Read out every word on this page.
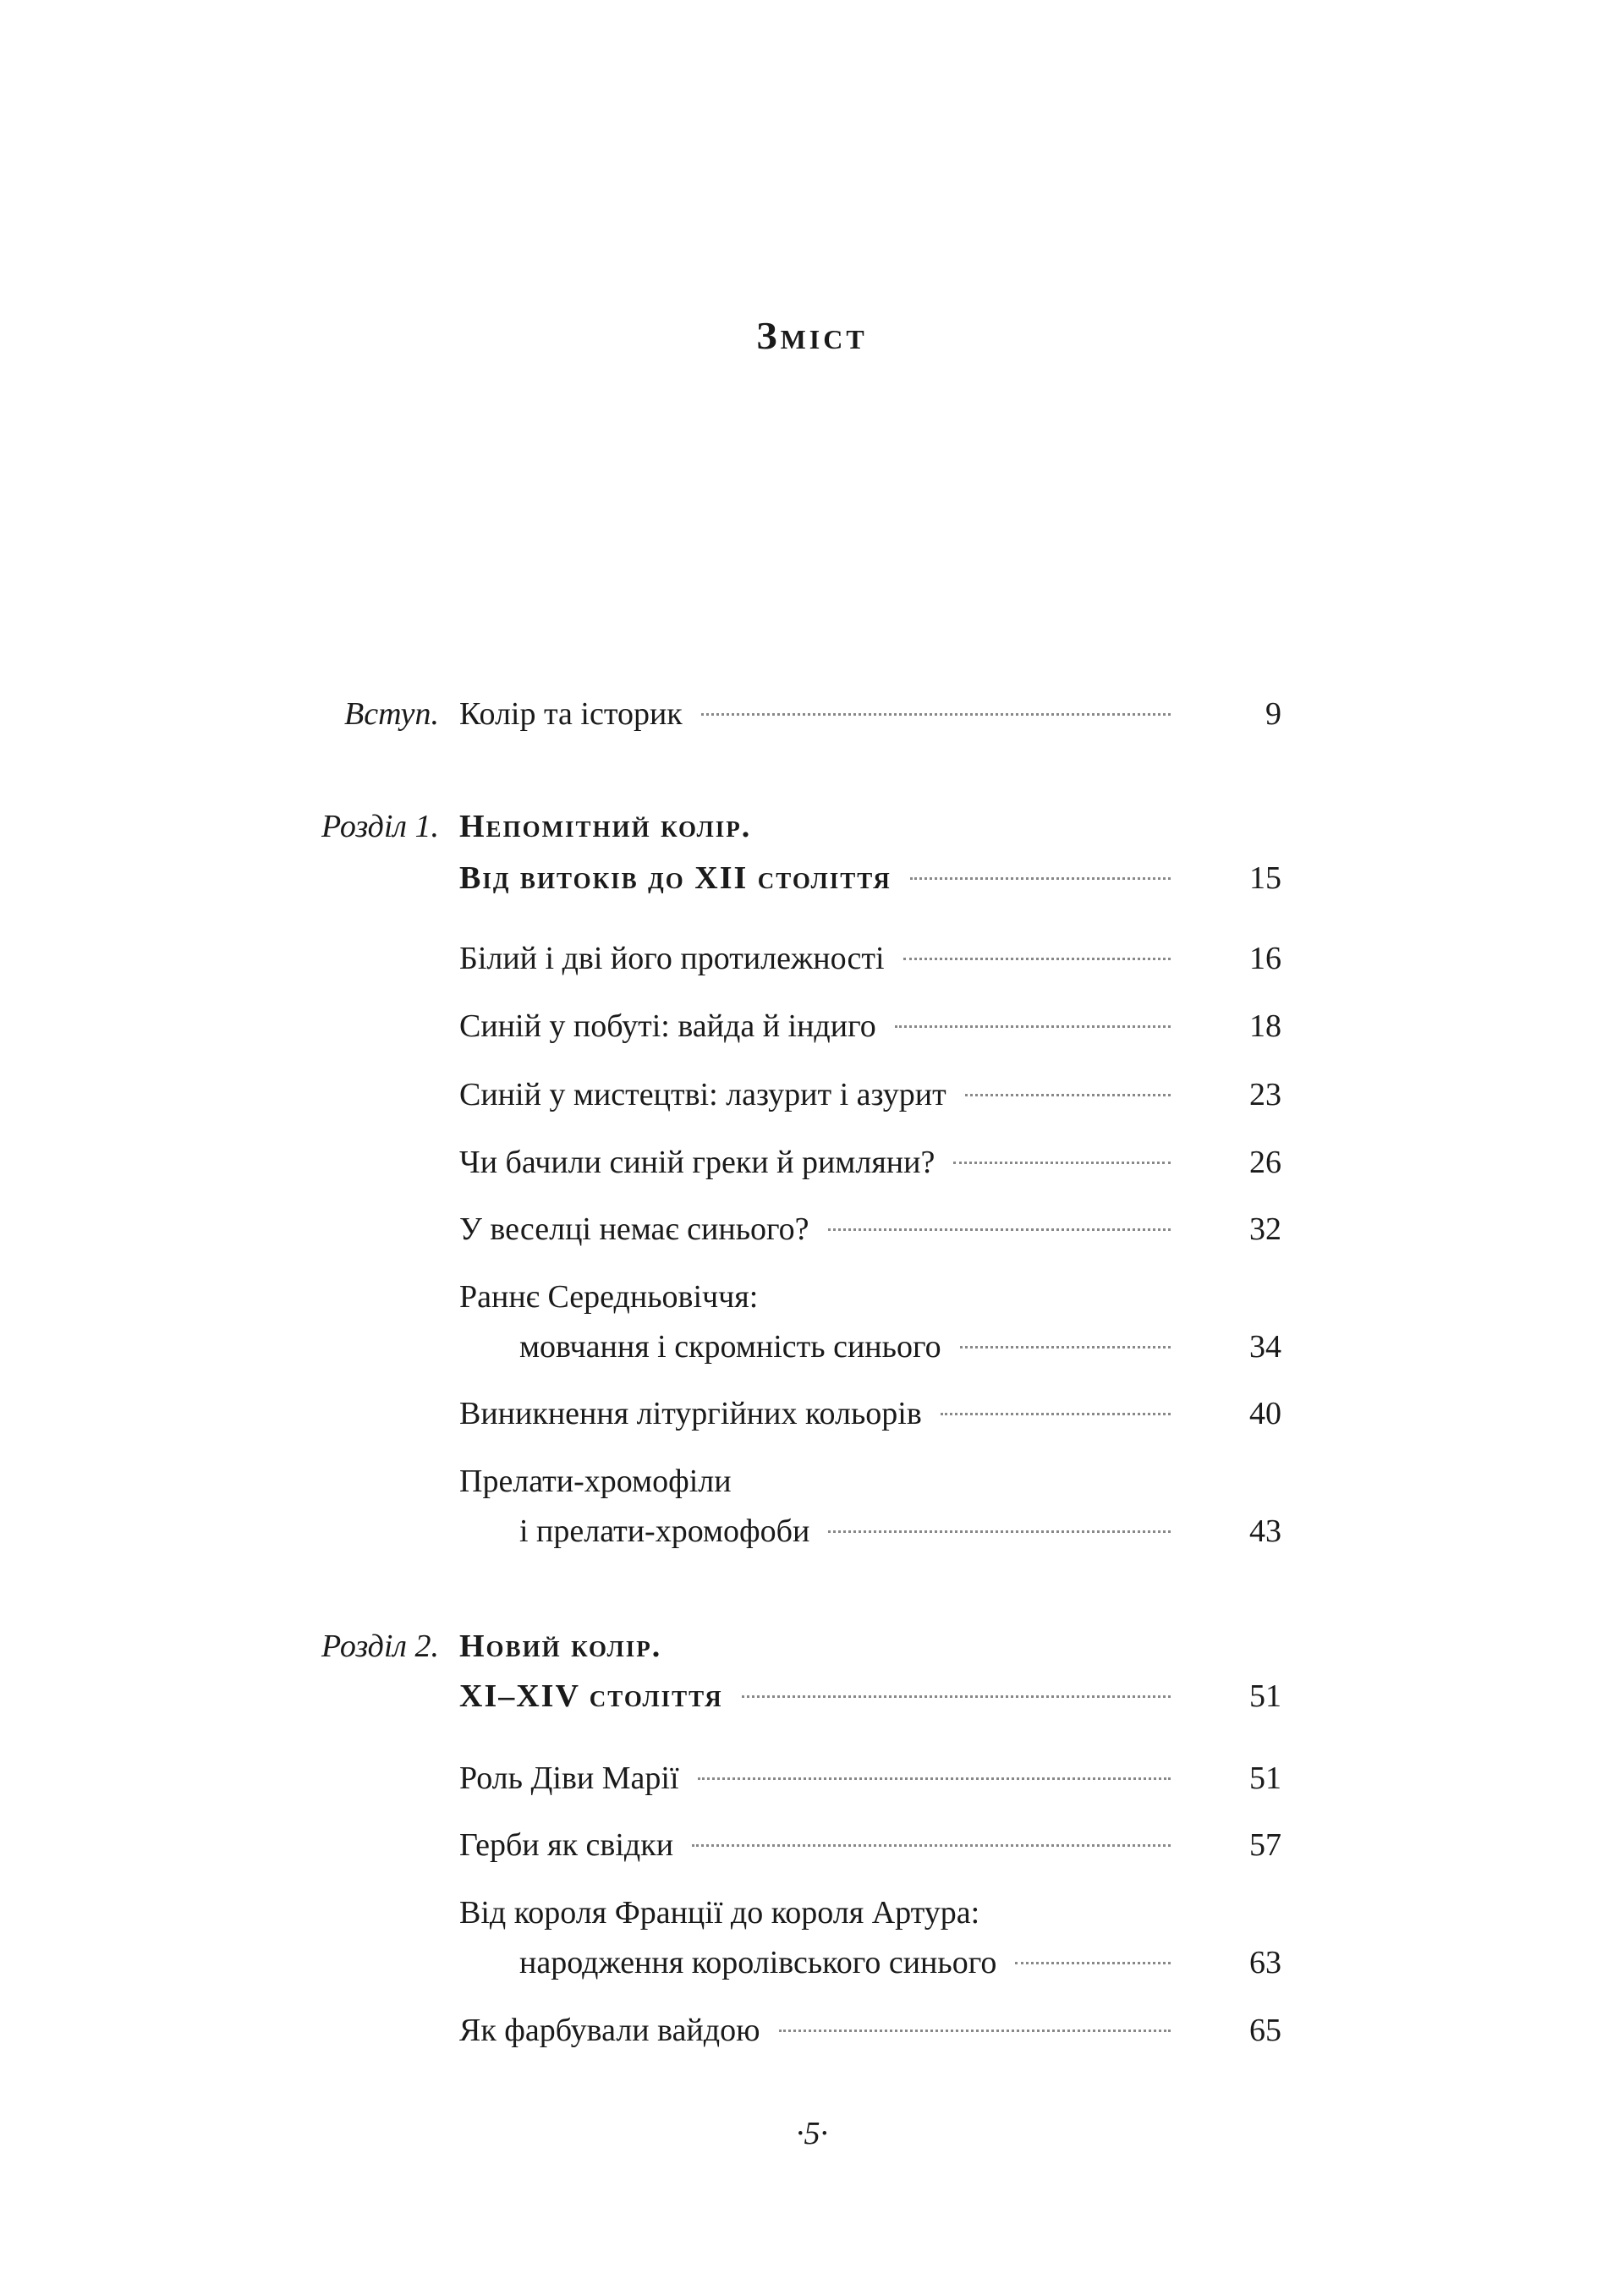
Зміст
Вступ. Колір та історик	9
Розділ 1. Непомітний колір.
Від витоків до XII століття	15
Білий і дві його протилежності	16
Синій у побуті: вайда й індиго	18
Синій у мистецтві: лазурит і азурит	23
Чи бачили синій греки й римляни?	26
У веселці немає синього?	32
Раннє Середньовіччя:
мовчання і скромність синього	34
Виникнення літургійних кольорів	40
Прелати-хромофіли
і прелати-хромофоби	43
Розділ 2. Новий колір.
XI–XIV століття	51
Роль Діви Марії	51
Герби як свідки	57
Від короля Франції до короля Артура:
народження королівського синього	63
Як фарбували вайдою	65
·5·
